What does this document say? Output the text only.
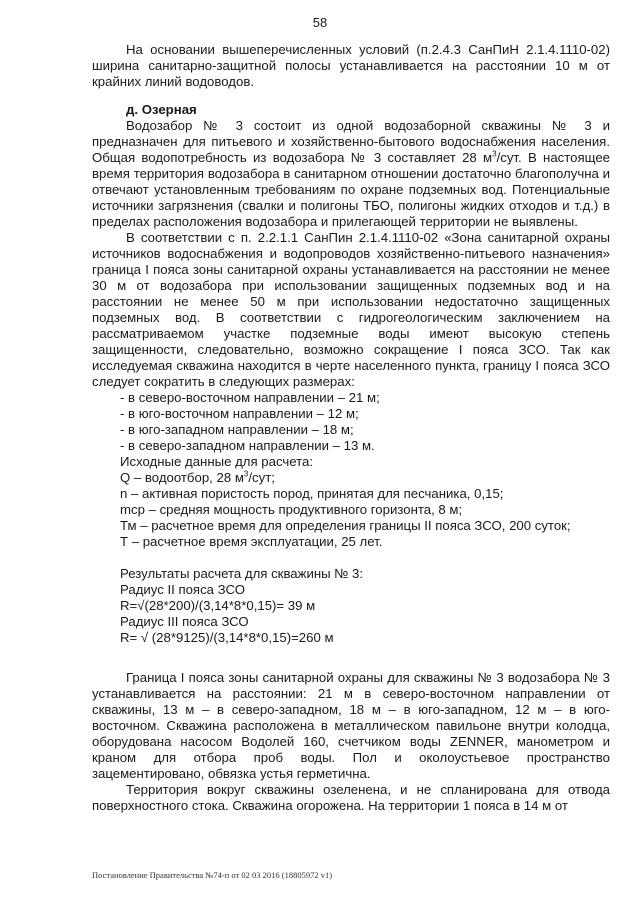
58

На основании вышеперечисленных условий (п.2.4.3 СанПиН 2.1.4.1110-02) ширина санитарно-защитной полосы устанавливается на расстоянии 10 м от крайних линий водоводов.

д. Озерная

Водозабор № 3 состоит из одной водозаборной скважины № 3 и предназначен для питьевого и хозяйственно-бытового водоснабжения населения. Общая водопотребность из водозабора № 3 составляет 28 $м^3$/сут. В настоящее время территория водозабора в санитарном отношении достаточно благополучна и отвечают установленным требованиям по охране подземных вод. Потенциальные источники загрязнения (свалки и полигоны ТБО, полигоны жидких отходов и т.д.) в пределах расположения водозабора и прилегающей территории не выявлены.

В соответствии с п. 2.2.1.1 СанПин 2.1.4.1110-02 «Зона санитарной охраны источников водоснабжения и водопроводов хозяйственно-питьевого назначения» граница I пояса зоны санитарной охраны устанавливается на расстоянии не менее 30 м от водозабора при использовании защищенных подземных вод и на расстоянии не менее 50 м при использовании недостаточно защищенных подземных вод. В соответствии с гидрогеологическим заключением на рассматриваемом участке подземные воды имеют высокую степень защищенности, следовательно, возможно сокращение I пояса ЗСО. Так как исследуемая скважина находится в черте населенного пункта, границу I пояса ЗСО следует сократить в следующих размерах:

- в северо-восточном направлении – 21 м;
- в юго-восточном направлении – 12 м;
- в юго-западном направлении – 18 м;
- в северо-западном направлении – 13 м.
Исходные данные для расчета:
Q – водоотбор, 28 $м^3$/сут;
n – активная пористость пород, принятая для песчаника, 0,15;
mср – средняя мощность продуктивного горизонта, 8 м;
Тм – расчетное время для определения границы II пояса ЗСО, 200 суток;
Т – расчетное время эксплуатации, 25 лет.
Результаты расчета для скважины № 3:
Радиус II пояса ЗСО
R=√(28*200)/(3,14*8*0,15)= 39 м
Радиус III пояса ЗСО
R= √ (28*9125)/(3,14*8*0,15)=260 м

Граница I пояса зоны санитарной охраны для скважины № 3 водозабора № 3 устанавливается на расстоянии: 21 м в северо-восточном направлении от скважины, 13 м – в северо-западном, 18 м – в юго-западном, 12 м – в юго-восточном. Скважина расположена в металлическом павильоне внутри колодца, оборудована насосом Водолей 160, счетчиком воды ZENNER, манометром и краном для отбора проб воды. Пол и околоустьевое пространство зацементировано, обвязка устья герметична.

Территория вокруг скважины озеленена, и не спланирована для отвода поверхностного стока. Скважина огорожена. На территории 1 пояса в 14 м от

Постановление Правительства №74-п от 02 03 2016 (18805972 v1)
